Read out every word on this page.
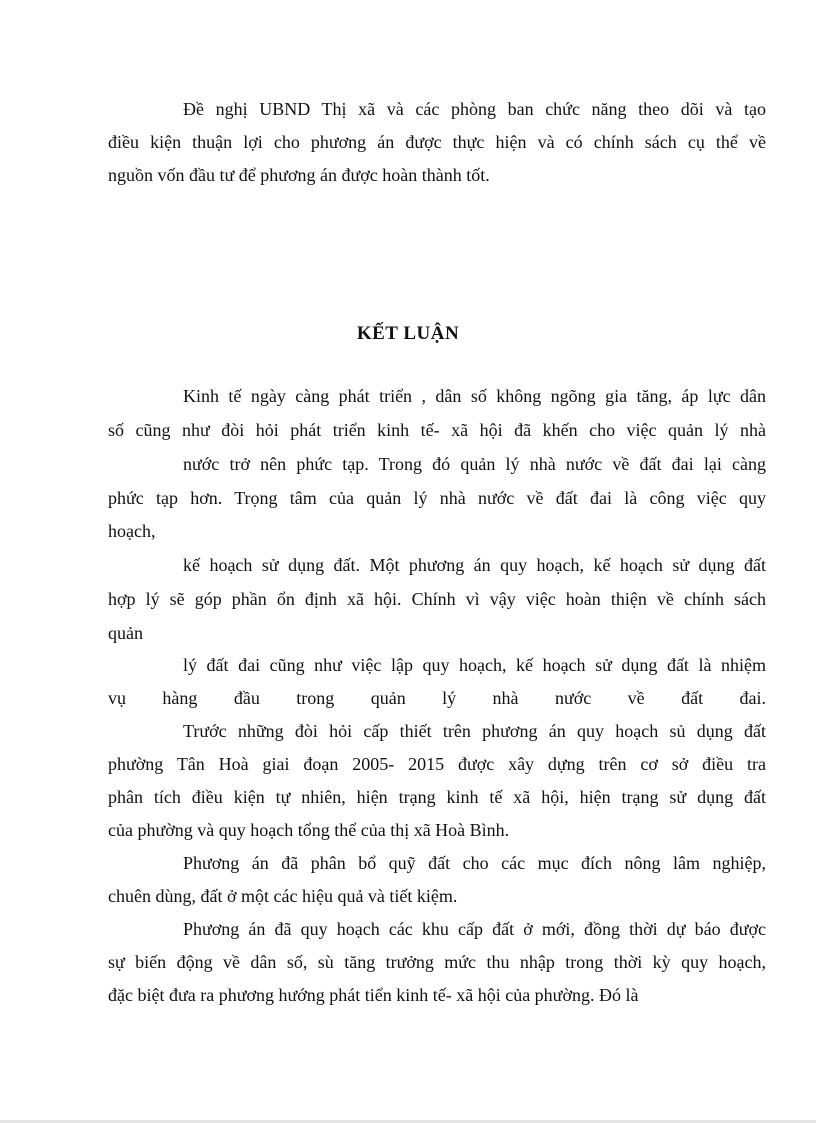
Đề nghị UBND Thị xã và các phòng ban chức năng theo dõi và tạo
điều kiện thuận lợi cho phương án được thực hiện và có chính sách cụ thể về
nguồn vốn đầu tư để phương án được hoàn thành tốt.
KẾT LUẬN
Kinh tế ngày càng phát triển , dân số không ngõng gia tăng, áp lực dân
số cũng như đòi hỏi phát triển kinh tế- xã hội đã khến cho việc quản lý nhà
nước trở nên phức tạp. Trong đó quản lý nhà nước về đất đai lại càng
phức tạp hơn. Trọng tâm của quản lý nhà nước về đất đai là công việc quy
hoạch,
kế hoạch sử dụng đất. Một phương án quy hoạch, kế hoạch sử dụng đất
hợp lý sẽ góp phần ổn định xã hội. Chính vì vậy việc hoàn thiện về chính sách
quản
lý đất đai cũng như việc lập quy hoạch, kế hoạch sử dụng đất là nhiệm
vụ hàng đầu trong quản lý nhà nước về đất đai.
Trước những đòi hỏi cấp thiết trên phương án quy hoạch sủ dụng đất
phường Tân Hoà giai đoạn 2005- 2015 được xây dựng trên cơ sở điều tra
phân tích điều kiện tự nhiên, hiện trạng kinh tế xã hội, hiện trạng sử dụng đất
của phường và quy hoạch tổng thể của thị xã Hoà Bình.
Phương án đã phân bổ quỹ đất cho các mục đích nông lâm nghiệp,
chuên dùng, đất ở một các hiệu quả và tiết kiệm.
Phương án đã quy hoạch các khu cấp đất ở mới, đồng thời dự báo được
sự biến động về dân số, sù tăng trưởng mức thu nhập trong thời kỳ quy hoạch,
đặc biệt đưa ra phương hướng phát tiển kinh tế- xã hội của phường. Đó là
